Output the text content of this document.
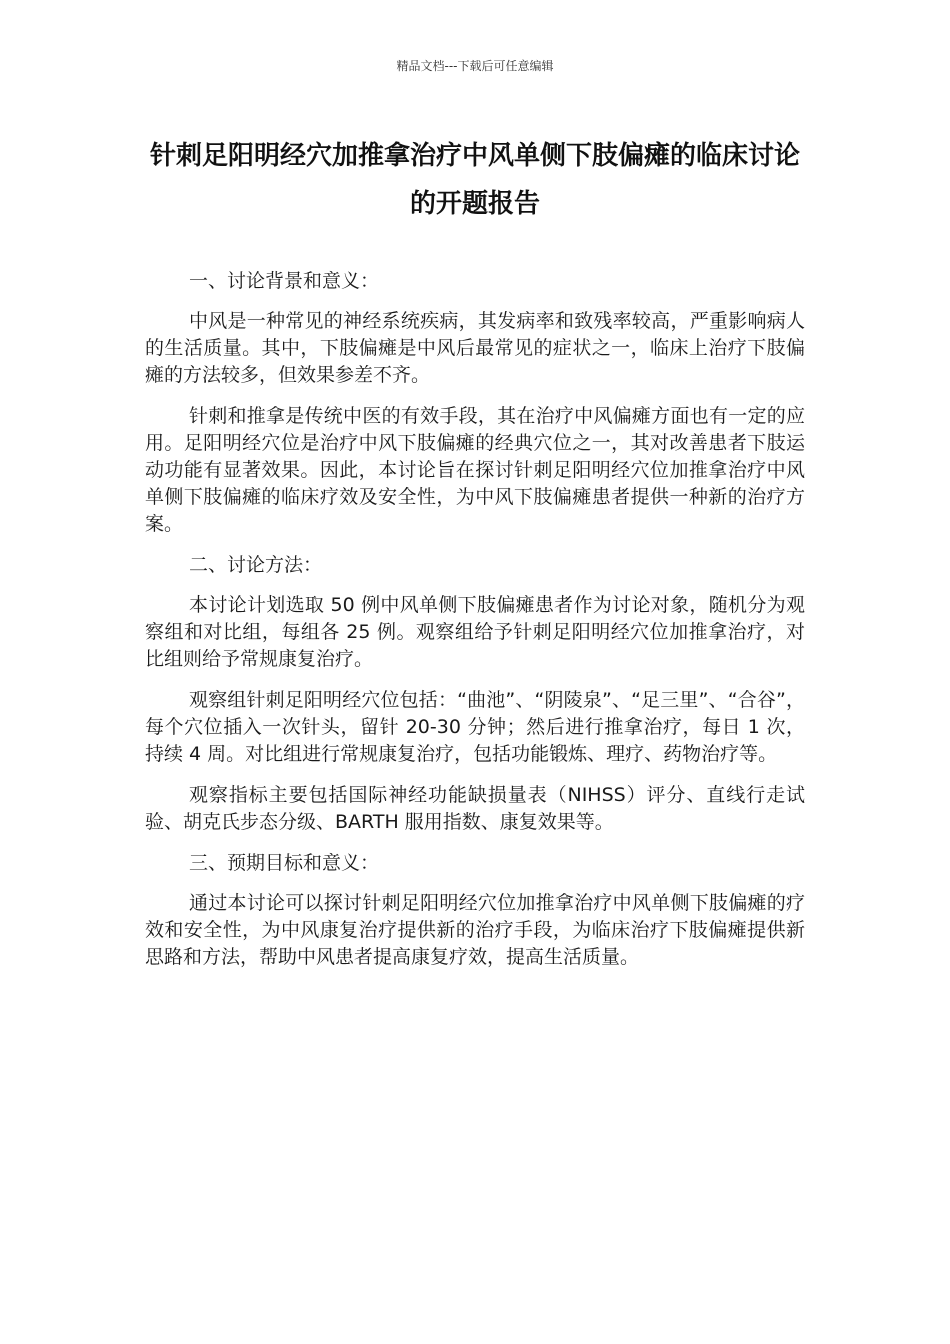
精品文档---下载后可任意编辑
针刺足阳明经穴加推拿治疗中风单侧下肢偏瘫的临床讨论的开题报告

一、讨论背景和意义：

中风是一种常见的神经系统疾病，其发病率和致残率较高，严重影响病人的生活质量。其中，下肢偏瘫是中风后最常见的症状之一，临床上治疗下肢偏瘫的方法较多，但效果参差不齐。

针刺和推拿是传统中医的有效手段，其在治疗中风偏瘫方面也有一定的应用。足阳明经穴位是治疗中风下肢偏瘫的经典穴位之一，其对改善患者下肢运动功能有显著效果。因此，本讨论旨在探讨针刺足阳明经穴位加推拿治疗中风单侧下肢偏瘫的临床疗效及安全性，为中风下肢偏瘫患者提供一种新的治疗方案。

二、讨论方法：

本讨论计划选取 50 例中风单侧下肢偏瘫患者作为讨论对象，随机分为观察组和对比组，每组各 25 例。观察组给予针刺足阳明经穴位加推拿治疗，对比组则给予常规康复治疗。

观察组针刺足阳明经穴位包括：“曲池”、“阴陵泉”、“足三里”、“合谷”，每个穴位插入一次针头，留针 20-30 分钟；然后进行推拿治疗，每日 1 次，持续 4 周。对比组进行常规康复治疗，包括功能锻炼、理疗、药物治疗等。

观察指标主要包括国际神经功能缺损量表（NIHSS）评分、直线行走试验、胡克氏步态分级、BARTH 服用指数、康复效果等。

三、预期目标和意义：

通过本讨论可以探讨针刺足阳明经穴位加推拿治疗中风单侧下肢偏瘫的疗效和安全性，为中风康复治疗提供新的治疗手段，为临床治疗下肢偏瘫提供新思路和方法，帮助中风患者提高康复疗效，提高生活质量。
